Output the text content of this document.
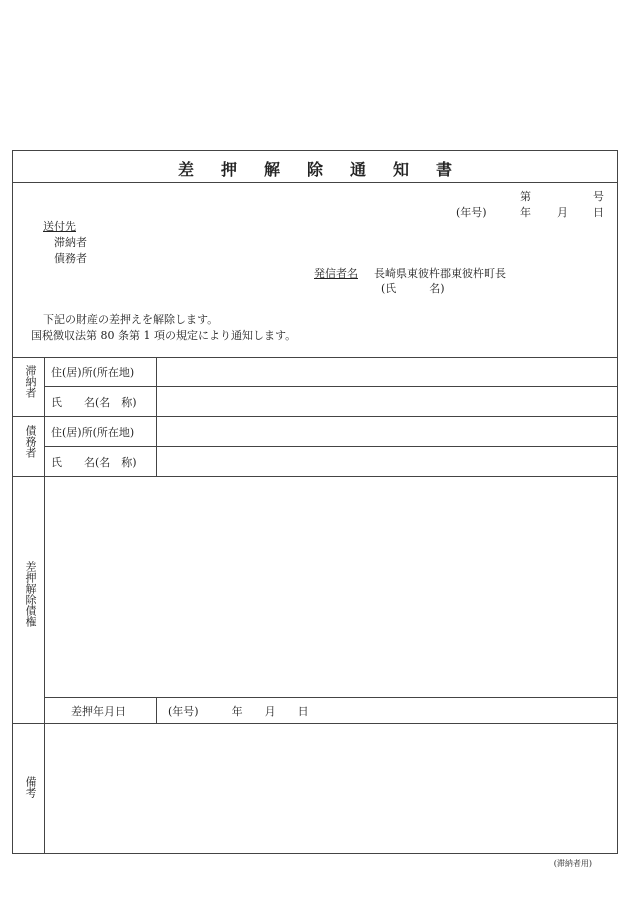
差押解除通知書
第	号
(年号)	年 月 日
送付先
滞納者
債務者
発信者名 長崎県東彼杵郡東彼杵町長
(氏　　　名)
下記の財産の差押えを解除します。
国税徴収法第 80 条第 1 項の規定により通知します。
滞納者 住(居)所(所在地)
氏　　名(名　称)
債務者 住(居)所(所在地)
氏　　名(名　称)
差押解除債権
差押年月日	(年号)　　　年　　月　　日
備考
(滞納者用)
